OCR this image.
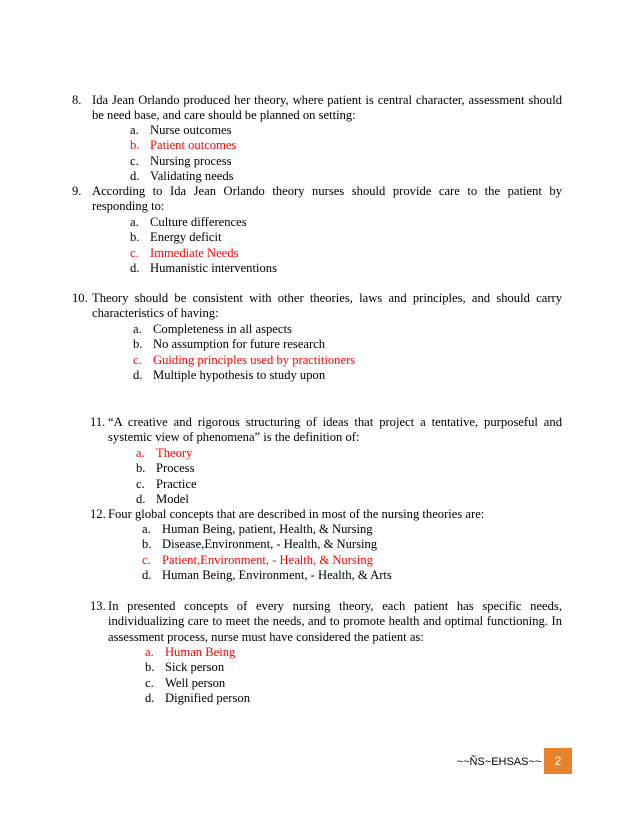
8. Ida Jean Orlando produced her theory, where patient is central character, assessment should be need base, and care should be planned on setting:
a. Nurse outcomes
b. Patient outcomes
c. Nursing process
d. Validating needs
9. According to Ida Jean Orlando theory nurses should provide care to the patient by responding to:
a. Culture differences
b. Energy deficit
c. Immediate Needs
d. Humanistic interventions
10. Theory should be consistent with other theories, laws and principles, and should carry characteristics of having:
a. Completeness in all aspects
b. No assumption for future research
c. Guiding principles used by practitioners
d. Multiple hypothesis to study upon
11. “A creative and rigorous structuring of ideas that project a tentative, purposeful and systemic view of phenomena” is the definition of:
a. Theory
b. Process
c. Practice
d. Model
12. Four global concepts that are described in most of the nursing theories are:
a. Human Being, patient, Health, & Nursing
b. Disease,Environment, - Health, & Nursing
c. Patient,Environment, - Health, & Nursing
d. Human Being, Environment, - Health, & Arts
13. In presented concepts of every nursing theory, each patient has specific needs, individualizing care to meet the needs, and to promote health and optimal functioning. In assessment process, nurse must have considered the patient as:
a. Human Being
b. Sick person
c. Well person
d. Dignified person
~~ÑS~EHSAS~~	2
